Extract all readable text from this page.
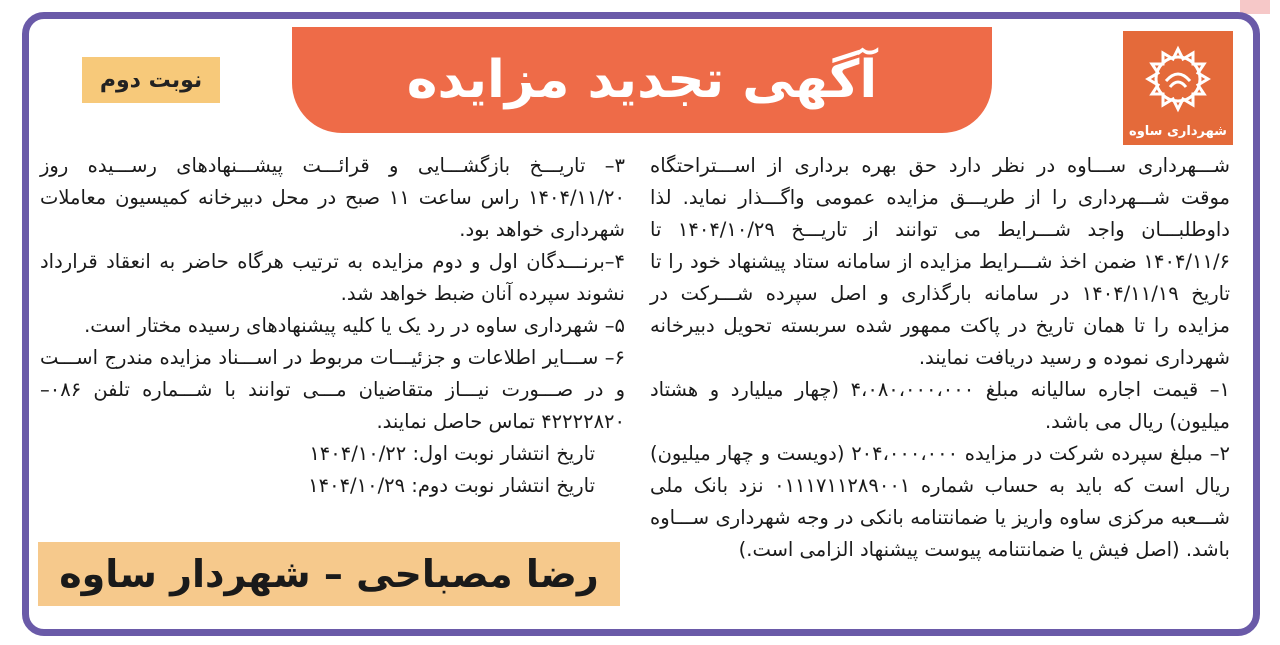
شهرداری ساوه
آگهی تجدید مزایده
نوبت دوم

شـــهرداری ســـاوه در نظر دارد حق بهره برداری از اســـتراحتگاه موقت شـــهرداری را از طریـــق مزایده عمومی واگـــذار نماید. لذا داوطلبـــان واجد شـــرایط می توانند از تاریـــخ ۱۴۰۴/۱۰/۲۹ تا ۱۴۰۴/۱۱/۶ ضمن اخذ شـــرایط مزایده از سامانه ستاد پیشنهاد خود را تا تاریخ ۱۴۰۴/۱۱/۱۹ در سامانه بارگذاری و اصل سپرده شـــرکت در مزایده را تا همان تاریخ در پاکت ممهور شده سربسته تحویل دبیرخانه شهرداری نموده و رسید دریافت نمایند.

۱– قیمت اجاره سالیانه مبلغ ۴،۰۸۰،۰۰۰،۰۰۰ (چهار میلیارد و هشتاد میلیون) ریال می باشد.

۲– مبلغ سپرده شرکت در مزایده ۲۰۴،۰۰۰،۰۰۰ (دویست و چهار میلیون) ریال است که باید به حساب شماره ۰۱۱۱۷۱۱۲۸۹۰۰۱ نزد بانک ملی شـــعبه مرکزی ساوه واریز یا ضمانتنامه بانکی در وجه شهرداری ســـاوه باشد. (اصل فیش یا ضمانتنامه پیوست پیشنهاد الزامی است.)

۳– تاریـــخ بازگشـــایی و قرائـــت پیشـــنهادهای رســـیده روز ۱۴۰۴/۱۱/۲۰ راس ساعت ۱۱ صبح در محل دبیرخانه کمیسیون معاملات شهرداری خواهد بود.

۴–برنـــدگان اول و دوم مزایده به ترتیب هرگاه حاضر به انعقاد قرارداد نشوند سپرده آنان ضبط خواهد شد.

۵– شهرداری ساوه در رد یک یا کلیه پیشنهادهای رسیده مختار است.

۶– ســـایر اطلاعات و جزئیـــات مربوط در اســـناد مزایده مندرج اســـت و در صـــورت نیـــاز متقاضیان مـــی توانند با شـــماره تلفن ۰۸۶–۴۲۲۲۲۸۲۰ تماس حاصل نمایند.

تاریخ انتشار نوبت اول: ۱۴۰۴/۱۰/۲۲

تاریخ انتشار نوبت دوم: ۱۴۰۴/۱۰/۲۹

رضا مصباحی – شهردار ساوه
